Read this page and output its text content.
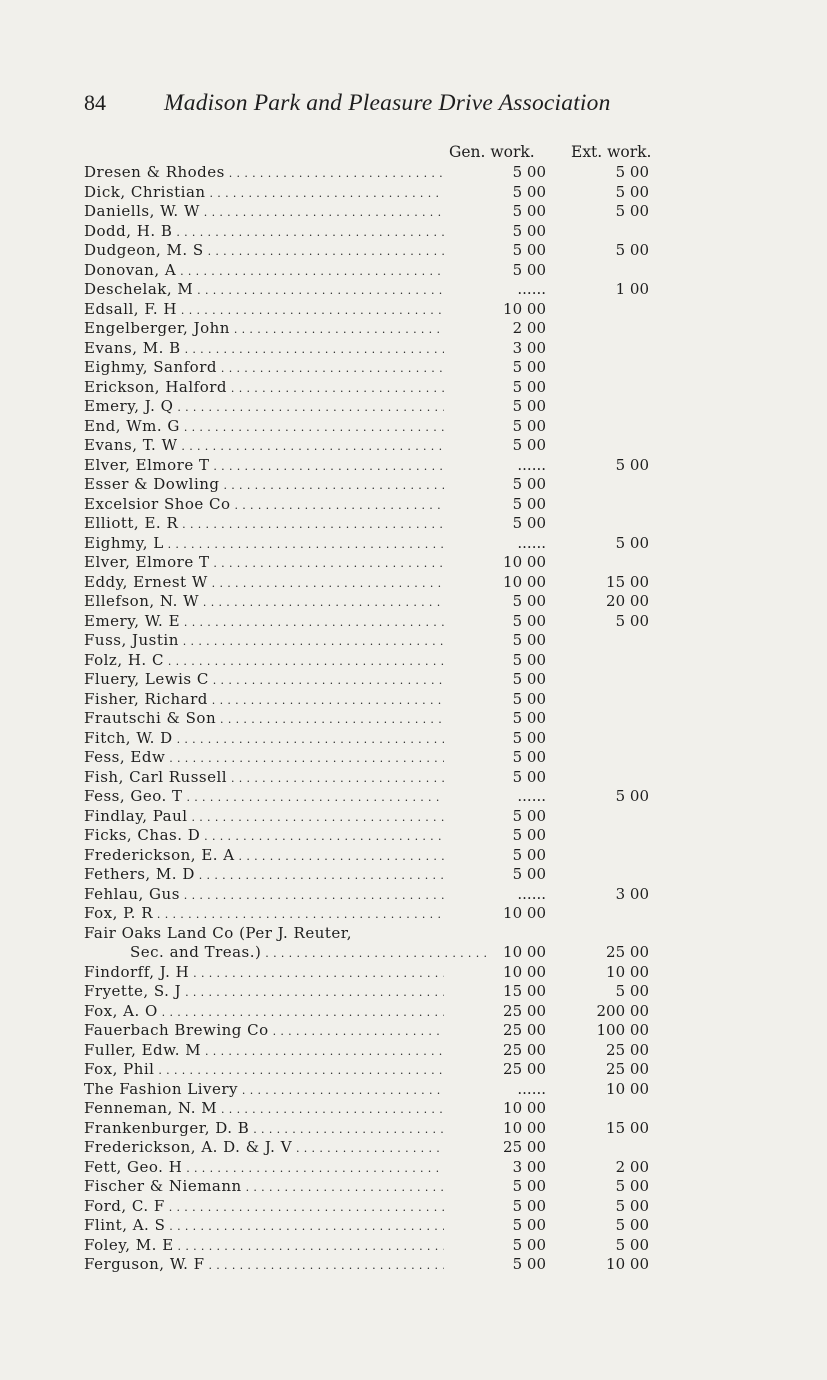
84 Madison Park and Pleasure Drive Association
Gen. work. Ext. work.
Dresen & Rhodes . . .	5 00	5 00
Dick, Christian . . .	5 00	5 00
Daniells, W. W . . .	5 00	5 00
Dodd, H. B . . .	5 00
Dudgeon, M. S . . .	5 00	5 00
Donovan, A . . .	5 00
Deschelak, M . . .	......	1 00
Edsall, F. H . . .	10 00
Engelberger, John . . .	2 00
Evans, M. B . . .	3 00
Eighmy, Sanford . . .	5 00
Erickson, Halford . . .	5 00
Emery, J. Q . . .	5 00
End, Wm. G . . .	5 00
Evans, T. W . . .	5 00
Elver, Elmore T . . .	......	5 00
Esser & Dowling . . .	5 00
Excelsior Shoe Co . . .	5 00
Elliott, E. R . . .	5 00
Eighmy, L . . .	......	5 00
Elver, Elmore T . . .	10 00
Eddy, Ernest W . . .	10 00	15 00
Ellefson, N. W . . .	5 00	20 00
Emery, W. E . . .	5 00	5 00
Fuss, Justin . . .	5 00
Folz, H. C . . .	5 00
Fluery, Lewis C . . .	5 00
Fisher, Richard . . .	5 00
Frautschi & Son . . .	5 00
Fitch, W. D . . .	5 00
Fess, Edw . . .	5 00
Fish, Carl Russell . . .	5 00
Fess, Geo. T . . .	......	5 00
Findlay, Paul . . .	5 00
Ficks, Chas. D . . .	5 00
Frederickson, E. A . . .	5 00
Fethers, M. D . . .	5 00
Fehlau, Gus . . .	......	3 00
Fox, P. R . . .	10 00
Fair Oaks Land Co (Per J. Reuter,
Sec. and Treas.) . . .	10 00	25 00
Findorff, J. H . . .	10 00	10 00
Fryette, S. J . . .	15 00	5 00
Fox, A. O . . .	25 00	200 00
Fauerbach Brewing Co . . .	25 00	100 00
Fuller, Edw. M . . .	25 00	25 00
Fox, Phil . . .	25 00	25 00
The Fashion Livery . . .	......	10 00
Fenneman, N. M . . .	10 00
Frankenburger, D. B . . .	10 00	15 00
Frederickson, A. D. & J. V . . .	25 00
Fett, Geo. H . . .	3 00	2 00
Fischer & Niemann . . .	5 00	5 00
Ford, C. F . . .	5 00	5 00
Flint, A. S . . .	5 00	5 00
Foley, M. E . . .	5 00	5 00
Ferguson, W. F . . .	5 00	10 00
